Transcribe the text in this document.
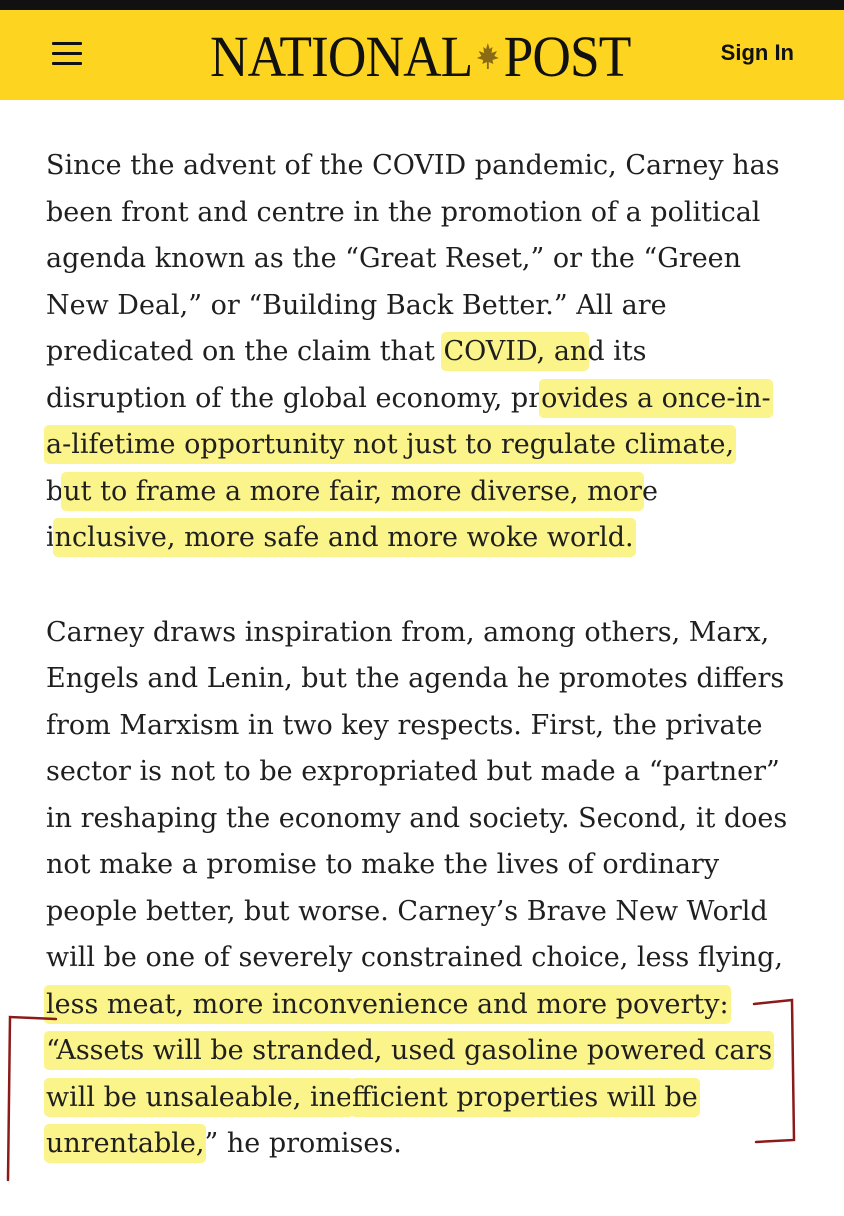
NATIONAL POST	Sign In

Since the advent of the COVID pandemic, Carney has
been front and centre in the promotion of a political
agenda known as the “Great Reset,” or the “Green
New Deal,” or “Building Back Better.” All are
predicated on the claim that COVID, and its
disruption of the global economy, provides a once-in-
a-lifetime opportunity not just to regulate climate,
but to frame a more fair, more diverse, more
inclusive, more safe and more woke world.

Carney draws inspiration from, among others, Marx,
Engels and Lenin, but the agenda he promotes differs
from Marxism in two key respects. First, the private
sector is not to be expropriated but made a “partner”
in reshaping the economy and society. Second, it does
not make a promise to make the lives of ordinary
people better, but worse. Carney’s Brave New World
will be one of severely constrained choice, less flying,
less meat, more inconvenience and more poverty:
“Assets will be stranded, used gasoline powered cars
will be unsaleable, inefficient properties will be
unrentable,” he promises.
